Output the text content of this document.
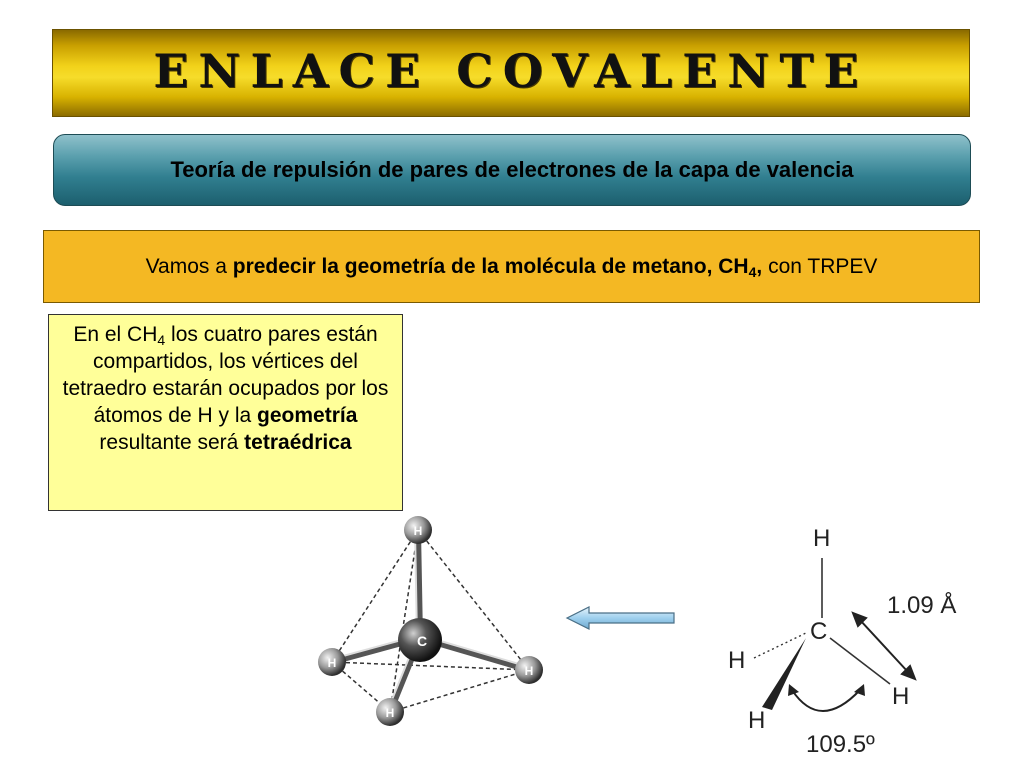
ENLACE COVALENTE
Teoría de repulsión de pares de electrones de la capa de valencia
Vamos a predecir la geometría de la molécula de metano, $CH_4$, con TRPEV
En el $CH_4$ los cuatro pares están compartidos, los vértices del tetraedro estarán ocupados por los átomos de H y la geometría resultante será tetraédrica
H
H
H
H
C
H
C
H
H
H
1.09 Å
109.5º
